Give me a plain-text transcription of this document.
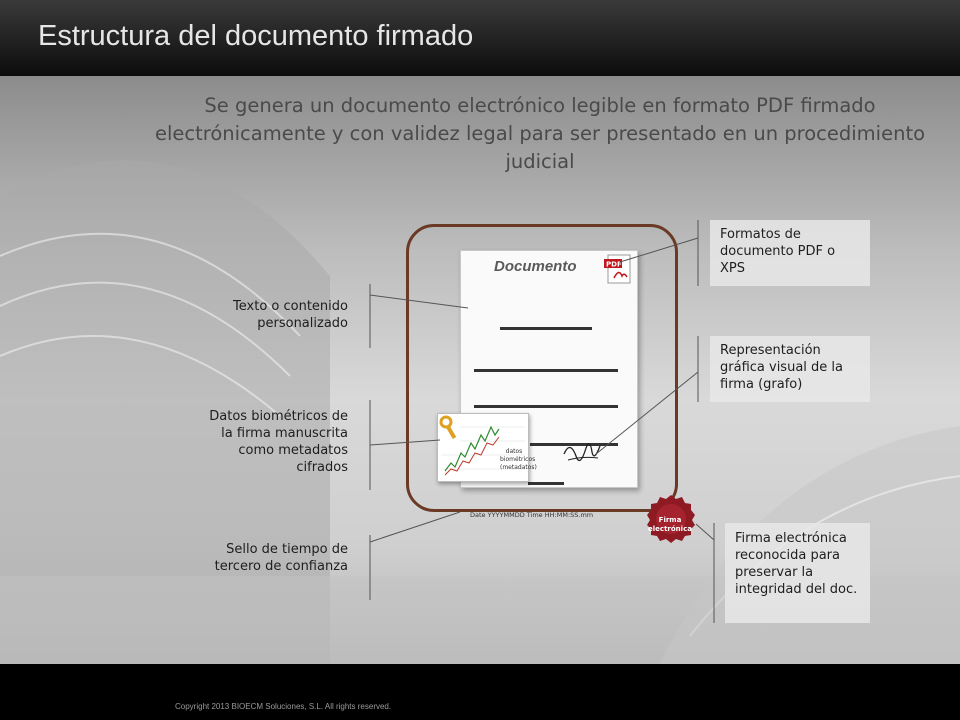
Estructura del documento firmado

Se genera un documento electrónico legible en formato PDF firmado electrónicamente y con validez legal para ser presentado en un procedimiento judicial

Texto o contenido personalizado
Datos biométricos de la firma manuscrita como metadatos cifrados
Sello de tiempo de tercero de confianza
Formatos de documento PDF o XPS
Representación gráfica visual de la firma (grafo)
Firma electrónica reconocida para preservar la integridad del doc.
Documento	PDF
datos biométricos (metadatos)
Date YYYYMMDD Time HH:MM:SS.mm
Firma electrónica
Copyright 2013 BIOECM Soluciones, S.L. All rights reserved.
